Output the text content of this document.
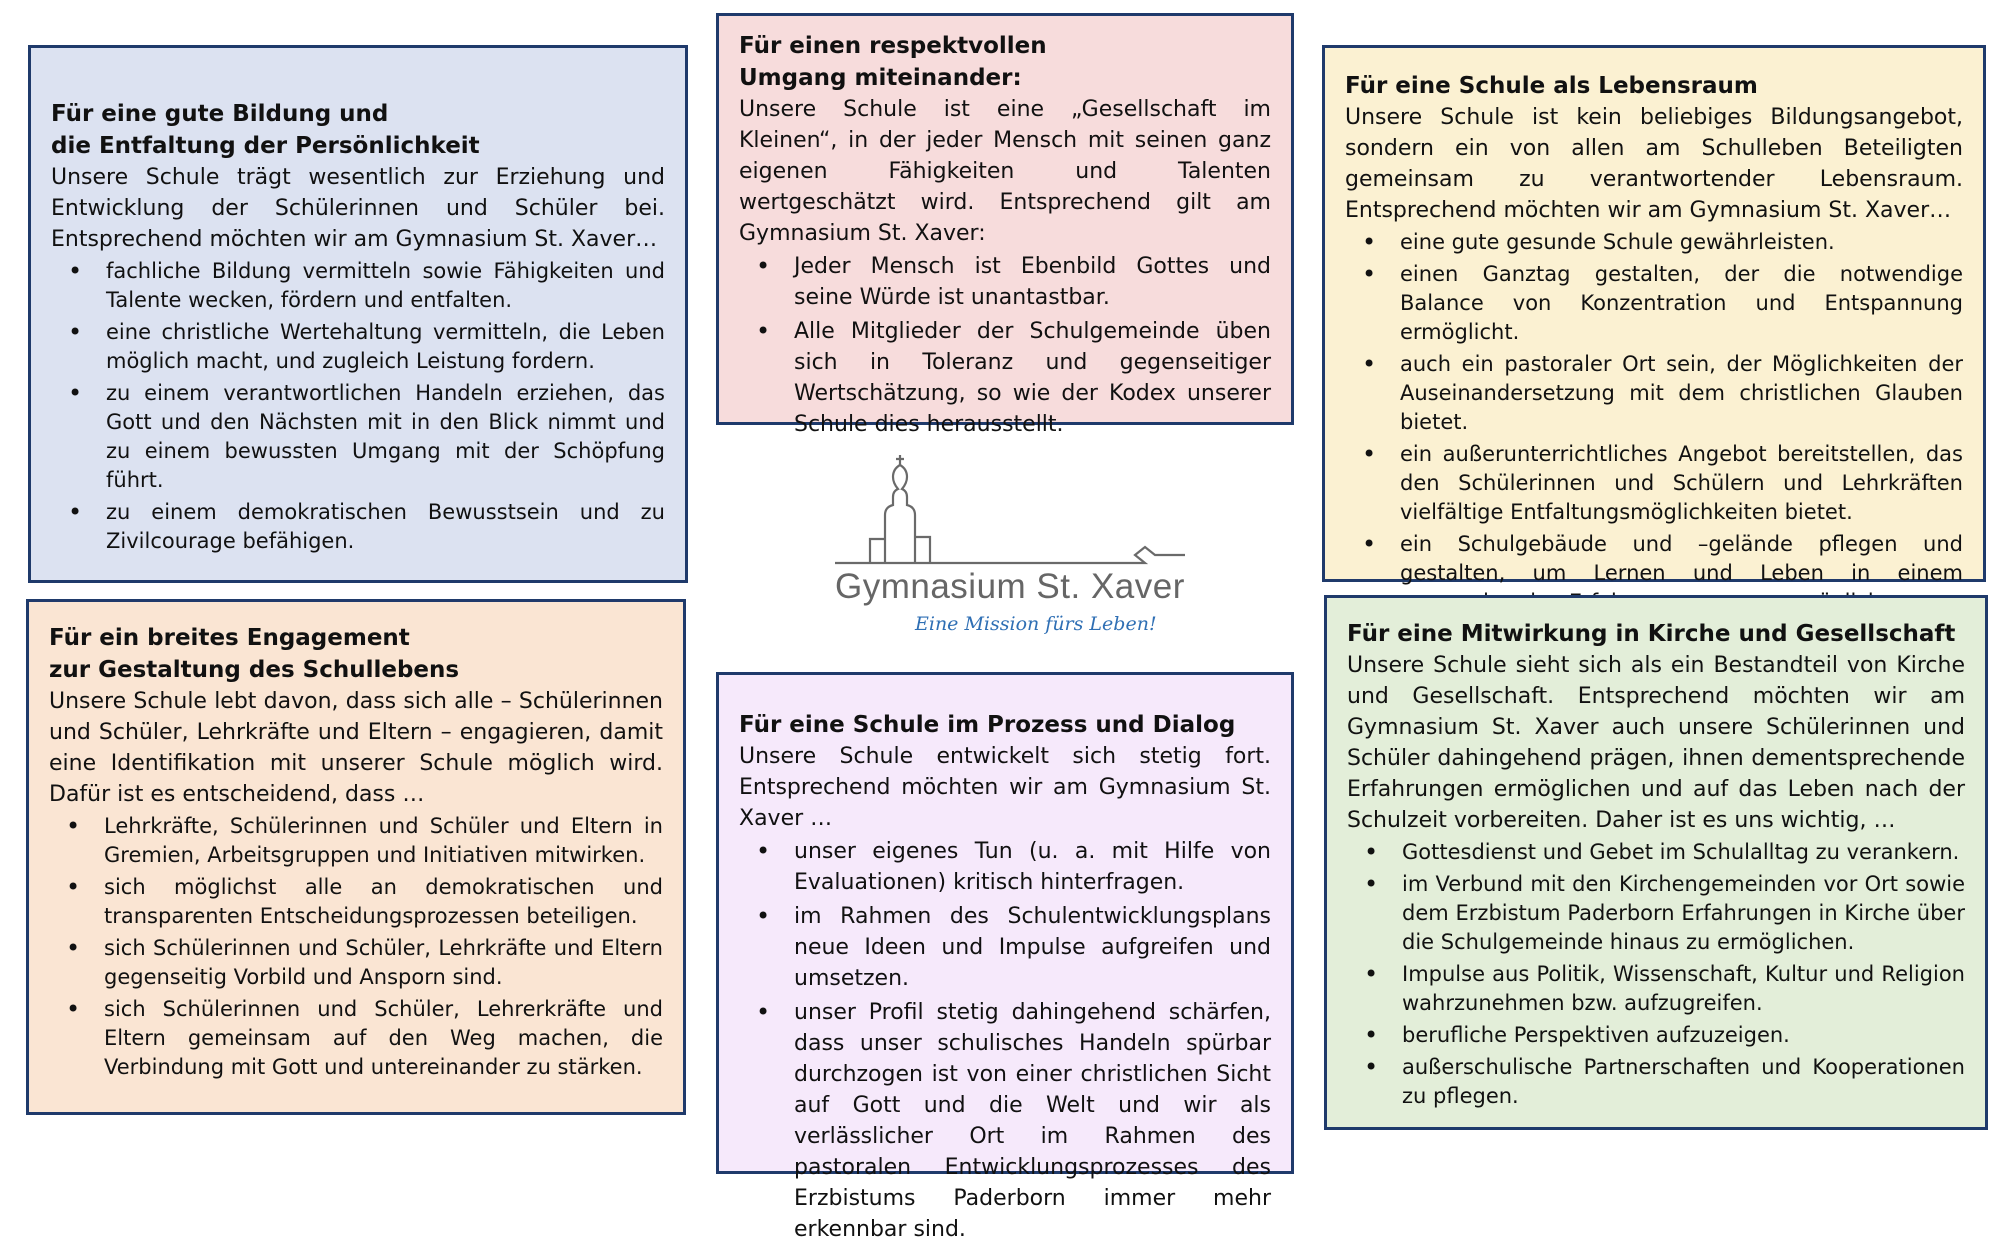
Für eine gute Bildung und
die Entfaltung der Persönlichkeit
Unsere Schule trägt wesentlich zur Erziehung und Entwicklung der Schülerinnen und Schüler bei. Entsprechend möchten wir am Gymnasium St. Xaver…
• fachliche Bildung vermitteln sowie Fähigkeiten und Talente wecken, fördern und entfalten.
• eine christliche Wertehaltung vermitteln, die Leben möglich macht, und zugleich Leistung fordern.
• zu einem verantwortlichen Handeln erziehen, das Gott und den Nächsten mit in den Blick nimmt und zu einem bewussten Umgang mit der Schöpfung führt.
• zu einem demokratischen Bewusstsein und zu Zivilcourage befähigen.
Für einen respektvollen
Umgang miteinander:
Unsere Schule ist eine „Gesellschaft im Kleinen“, in der jeder Mensch mit seinen ganz eigenen Fähigkeiten und Talenten wertgeschätzt wird. Entsprechend gilt am Gymnasium St. Xaver:
• Jeder Mensch ist Ebenbild Gottes und seine Würde ist unantastbar.
• Alle Mitglieder der Schulgemeinde üben sich in Toleranz und gegenseitiger Wertschätzung, so wie der Kodex unserer Schule dies herausstellt.
Für eine Schule als Lebensraum
Unsere Schule ist kein beliebiges Bildungsangebot, sondern ein von allen am Schulleben Beteiligten gemeinsam zu verantwortender Lebensraum. Entsprechend möchten wir am Gymnasium St. Xaver…
• eine gute gesunde Schule gewährleisten.
• einen Ganztag gestalten, der die notwendige Balance von Konzentration und Entspannung ermöglicht.
• auch ein pastoraler Ort sein, der Möglichkeiten der Auseinandersetzung mit dem christlichen Glauben bietet.
• ein außerunterrichtliches Angebot bereitstellen, das den Schülerinnen und Schülern und Lehrkräften vielfältige Entfaltungsmöglichkeiten bietet.
• ein Schulgebäude und –gelände pflegen und gestalten, um Lernen und Leben in einem
Gymnasium St. Xaver
Eine Mission fürs Leben!
Für ein breites Engagement
zur Gestaltung des Schullebens
Unsere Schule lebt davon, dass sich alle – Schülerinnen und Schüler, Lehrkräfte und Eltern – engagieren, damit eine Identifikation mit unserer Schule möglich wird. Dafür ist es entscheidend, dass …
• Lehrkräfte, Schülerinnen und Schüler und Eltern in Gremien, Arbeitsgruppen und Initiativen mitwirken.
• sich möglichst alle an demokratischen und transparenten Entscheidungsprozessen beteiligen.
• sich Schülerinnen und Schüler, Lehrkräfte und Eltern gegenseitig Vorbild und Ansporn sind.
• sich Schülerinnen und Schüler, Lehrerkräfte und Eltern gemeinsam auf den Weg machen, die Verbindung mit Gott und untereinander zu stärken.
Für eine Schule im Prozess und Dialog
Unsere Schule entwickelt sich stetig fort. Entsprechend möchten wir am Gymnasium St. Xaver …
• unser eigenes Tun (u. a. mit Hilfe von Evaluationen) kritisch hinterfragen.
• im Rahmen des Schulentwicklungsplans neue Ideen und Impulse aufgreifen und umsetzen.
• unser Profil stetig dahingehend schärfen, dass unser schulisches Handeln spürbar durchzogen ist von einer christlichen Sicht auf Gott und die Welt und wir als verlässlicher Ort im Rahmen des pastoralen Entwicklungsprozesses des Erzbistums Paderborn immer mehr erkennbar sind.
Für eine Mitwirkung in Kirche und Gesellschaft
Unsere Schule sieht sich als ein Bestandteil von Kirche und Gesellschaft. Entsprechend möchten wir am Gymnasium St. Xaver auch unsere Schülerinnen und Schüler dahingehend prägen, ihnen dementsprechende Erfahrungen ermöglichen und auf das Leben nach der Schulzeit vorbereiten. Daher ist es uns wichtig, …
• Gottesdienst und Gebet im Schulalltag zu verankern.
• im Verbund mit den Kirchengemeinden vor Ort sowie dem Erzbistum Paderborn Erfahrungen in Kirche über die Schulgemeinde hinaus zu ermöglichen.
• Impulse aus Politik, Wissenschaft, Kultur und Religion wahrzunehmen bzw. aufzugreifen.
• berufliche Perspektiven aufzuzeigen.
• außerschulische Partnerschaften und Kooperationen zu pflegen.
